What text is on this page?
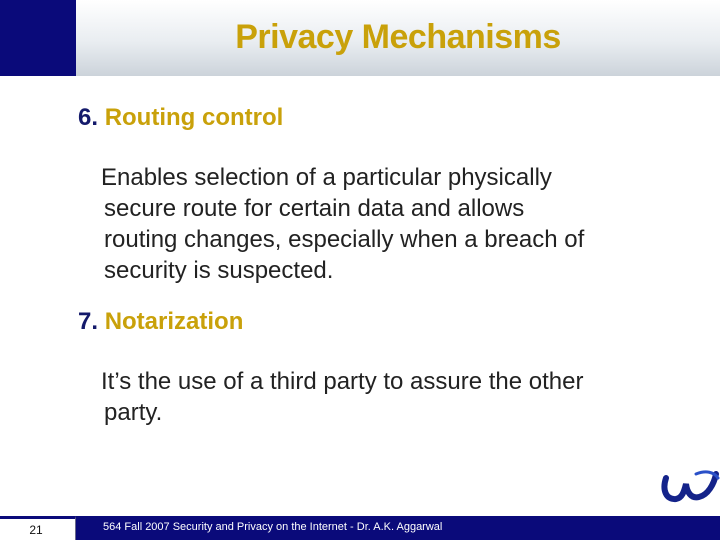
Privacy Mechanisms
6. Routing control
Enables selection of a particular physically
secure route for certain data and allows
routing changes, especially when a breach of
security is suspected.
7. Notarization
It’s the use of a third party to assure the other
party.
21	564 Fall 2007 Security and Privacy on the Internet - Dr. A.K. Aggarwal
